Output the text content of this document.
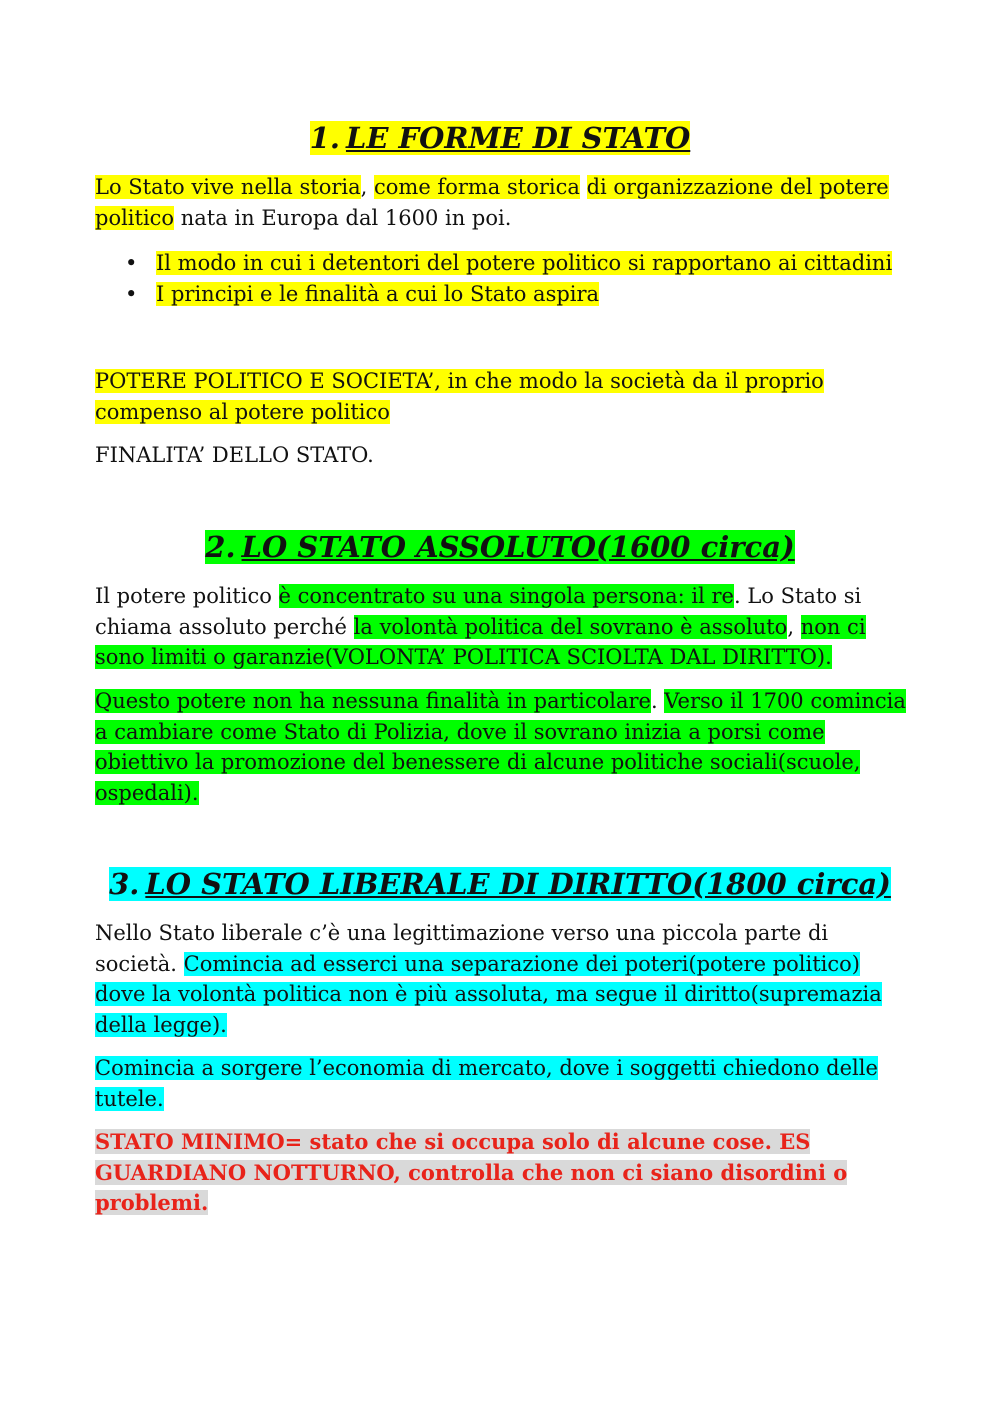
1. LE FORME DI STATO

Lo Stato vive nella storia, come forma storica di organizzazione del potere politico nata in Europa dal 1600 in poi.

• Il modo in cui i detentori del potere politico si rapportano ai cittadini
• I principi e le finalità a cui lo Stato aspira

POTERE POLITICO E SOCIETA’, in che modo la società da il proprio compenso al potere politico

FINALITA’ DELLO STATO.

2. LO STATO ASSOLUTO(1600 circa)

Il potere politico è concentrato su una singola persona: il re. Lo Stato si chiama assoluto perché la volontà politica del sovrano è assoluto, non ci sono limiti o garanzie(VOLONTA’ POLITICA SCIOLTA DAL DIRITTO).

Questo potere non ha nessuna finalità in particolare. Verso il 1700 comincia a cambiare come Stato di Polizia, dove il sovrano inizia a porsi come obiettivo la promozione del benessere di alcune politiche sociali(scuole, ospedali).

3. LO STATO LIBERALE DI DIRITTO(1800 circa)

Nello Stato liberale c’è una legittimazione verso una piccola parte di società. Comincia ad esserci una separazione dei poteri(potere politico) dove la volontà politica non è più assoluta, ma segue il diritto(supremazia della legge).

Comincia a sorgere l’economia di mercato, dove i soggetti chiedono delle tutele.

STATO MINIMO= stato che si occupa solo di alcune cose. ES GUARDIANO NOTTURNO, controlla che non ci siano disordini o problemi.
